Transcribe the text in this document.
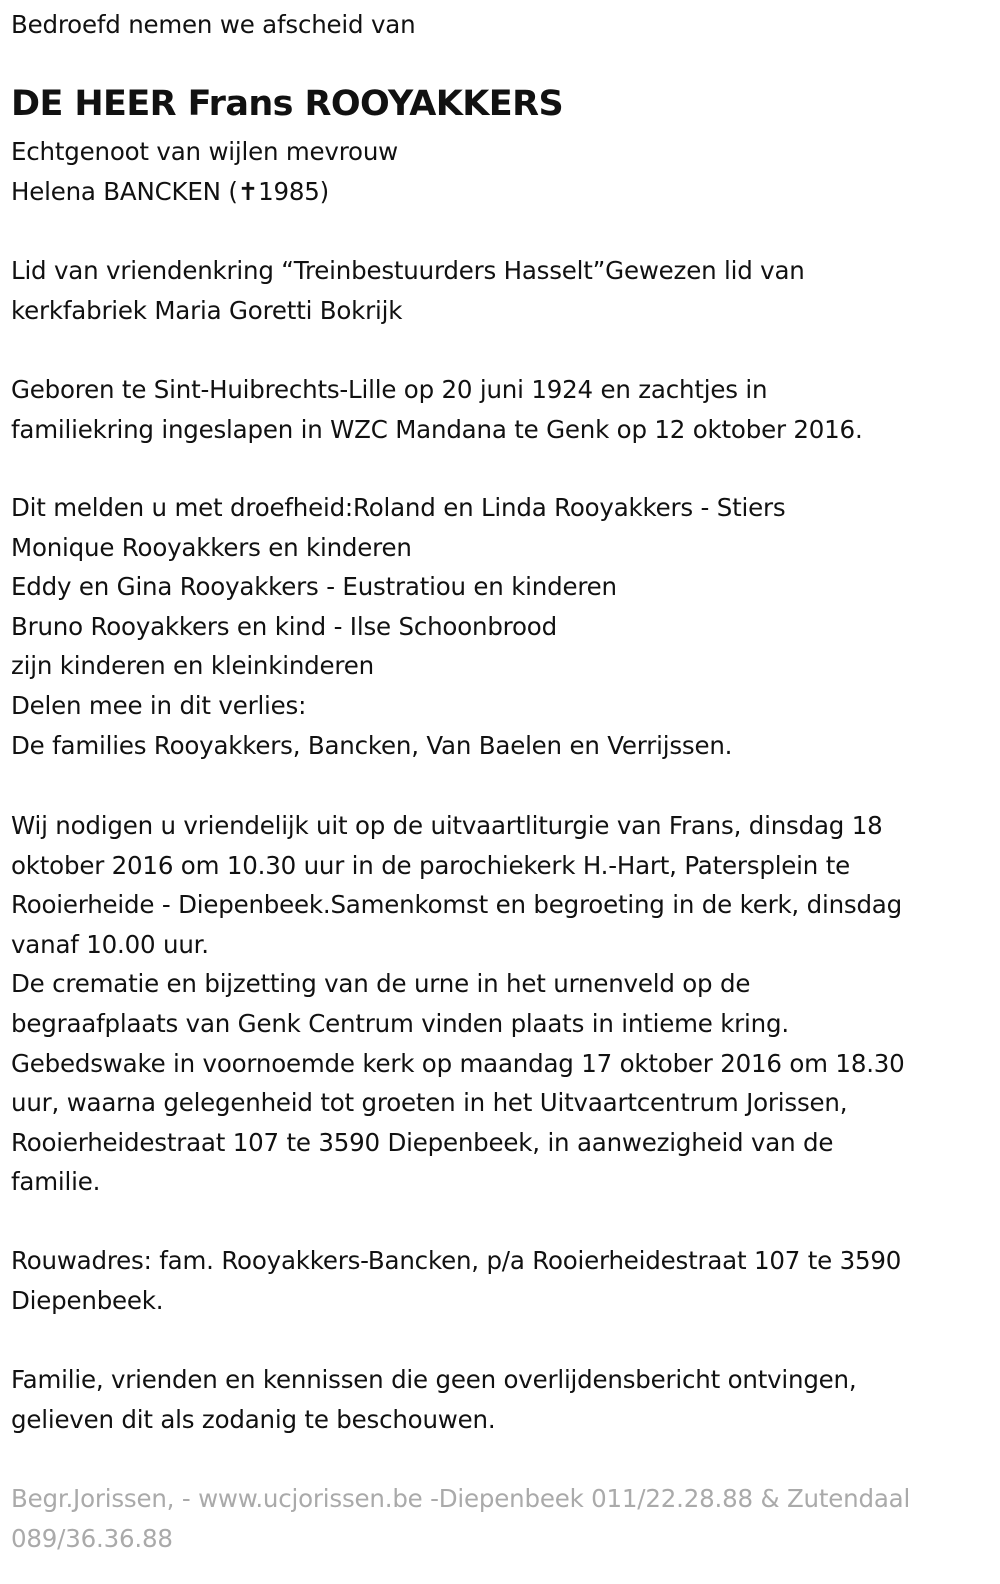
Bedroefd nemen we afscheid van
DE HEER Frans ROOYAKKERS
Echtgenoot van wijlen mevrouw
Helena BANCKEN (✝1985)
Lid van vriendenkring “Treinbestuurders Hasselt”Gewezen lid van
kerkfabriek Maria Goretti Bokrijk
Geboren te Sint-Huibrechts-Lille op 20 juni 1924 en zachtjes in
familiekring ingeslapen in WZC Mandana te Genk op 12 oktober 2016.
Dit melden u met droefheid:Roland en Linda Rooyakkers - Stiers
Monique Rooyakkers en kinderen
Eddy en Gina Rooyakkers - Eustratiou en kinderen
Bruno Rooyakkers en kind - Ilse Schoonbrood
zijn kinderen en kleinkinderen
Delen mee in dit verlies:
De families Rooyakkers, Bancken, Van Baelen en Verrijssen.
Wij nodigen u vriendelijk uit op de uitvaartliturgie van Frans, dinsdag 18
oktober 2016 om 10.30 uur in de parochiekerk H.-Hart, Patersplein te
Rooierheide - Diepenbeek.Samenkomst en begroeting in de kerk, dinsdag
vanaf 10.00 uur.
De crematie en bijzetting van de urne in het urnenveld op de
begraafplaats van Genk Centrum vinden plaats in intieme kring.
Gebedswake in voornoemde kerk op maandag 17 oktober 2016 om 18.30
uur, waarna gelegenheid tot groeten in het Uitvaartcentrum Jorissen,
Rooierheidestraat 107 te 3590 Diepenbeek, in aanwezigheid van de
familie.
Rouwadres: fam. Rooyakkers-Bancken, p/a Rooierheidestraat 107 te 3590
Diepenbeek.
Familie, vrienden en kennissen die geen overlijdensbericht ontvingen,
gelieven dit als zodanig te beschouwen.
Begr.Jorissen, - www.ucjorissen.be -Diepenbeek 011/22.28.88 & Zutendaal
089/36.36.88
